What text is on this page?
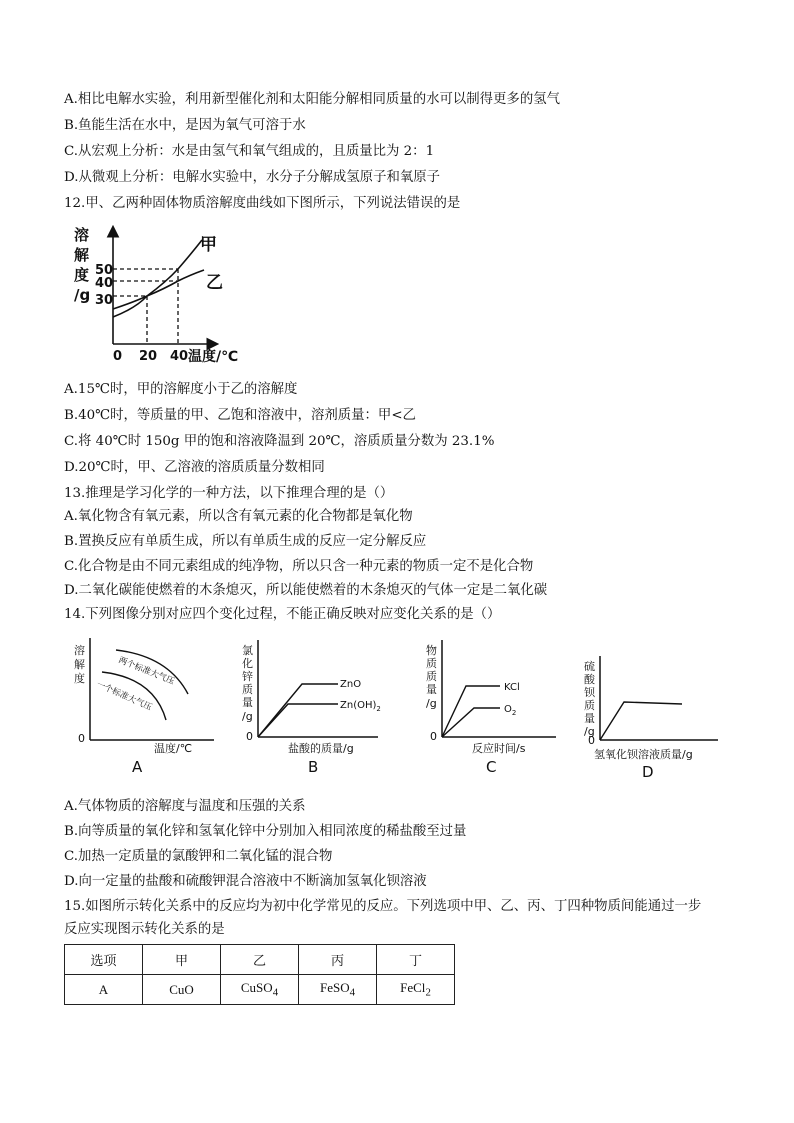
A.相比电解水实验，利用新型催化剂和太阳能分解相同质量的水可以制得更多的氢气
B.鱼能生活在水中，是因为氧气可溶于水
C.从宏观上分析：水是由氢气和氧气组成的，且质量比为 2：1
D.从微观上分析：电解水实验中，水分子分解成氢原子和氧原子
12.甲、乙两种固体物质溶解度曲线如下图所示，下列说法错误的是
溶
解
度
/g
50
40
30
甲
乙
0 20 40 温度/℃
A.15℃时，甲的溶解度小于乙的溶解度
B.40℃时，等质量的甲、乙饱和溶液中，溶剂质量：甲<乙
C.将 40℃时 150g 甲的饱和溶液降温到 20℃，溶质质量分数为 23.1%
D.20℃时，甲、乙溶液的溶质质量分数相同
13.推理是学习化学的一种方法，以下推理合理的是（）
A.氧化物含有氧元素，所以含有氧元素的化合物都是氧化物
B.置换反应有单质生成，所以有单质生成的反应一定分解反应
C.化合物是由不同元素组成的纯净物，所以只含一种元素的物质一定不是化合物
D.二氧化碳能使燃着的木条熄灭，所以能使燃着的木条熄灭的气体一定是二氧化碳
14.下列图像分别对应四个变化过程，不能正确反映对应变化关系的是（）
溶
解
度
0
两个标准大气压
一个标准大气压
温度/℃
A
氯
化
锌
质
量
/g
0
ZnO
$Zn(OH)_2$
盐酸的质量/g
B
物
质
质
量
/g
0
KCl
$O_2$
反应时间/s
C
硫
酸
钡
质
量
/g
0
氢氧化钡溶液质量/g
D
A.气体物质的溶解度与温度和压强的关系
B.向等质量的氧化锌和氢氧化锌中分别加入相同浓度的稀盐酸至过量
C.加热一定质量的氯酸钾和二氧化锰的混合物
D.向一定量的盐酸和硫酸钾混合溶液中不断滴加氢氧化钡溶液
15.如图所示转化关系中的反应均为初中化学常见的反应。下列选项中甲、乙、丙、丁四种物质间能通过一步
反应实现图示转化关系的是
选项	甲	乙	丙	丁
A	CuO	CuSO$_4$	FeSO$_4$	FeCl$_2$
